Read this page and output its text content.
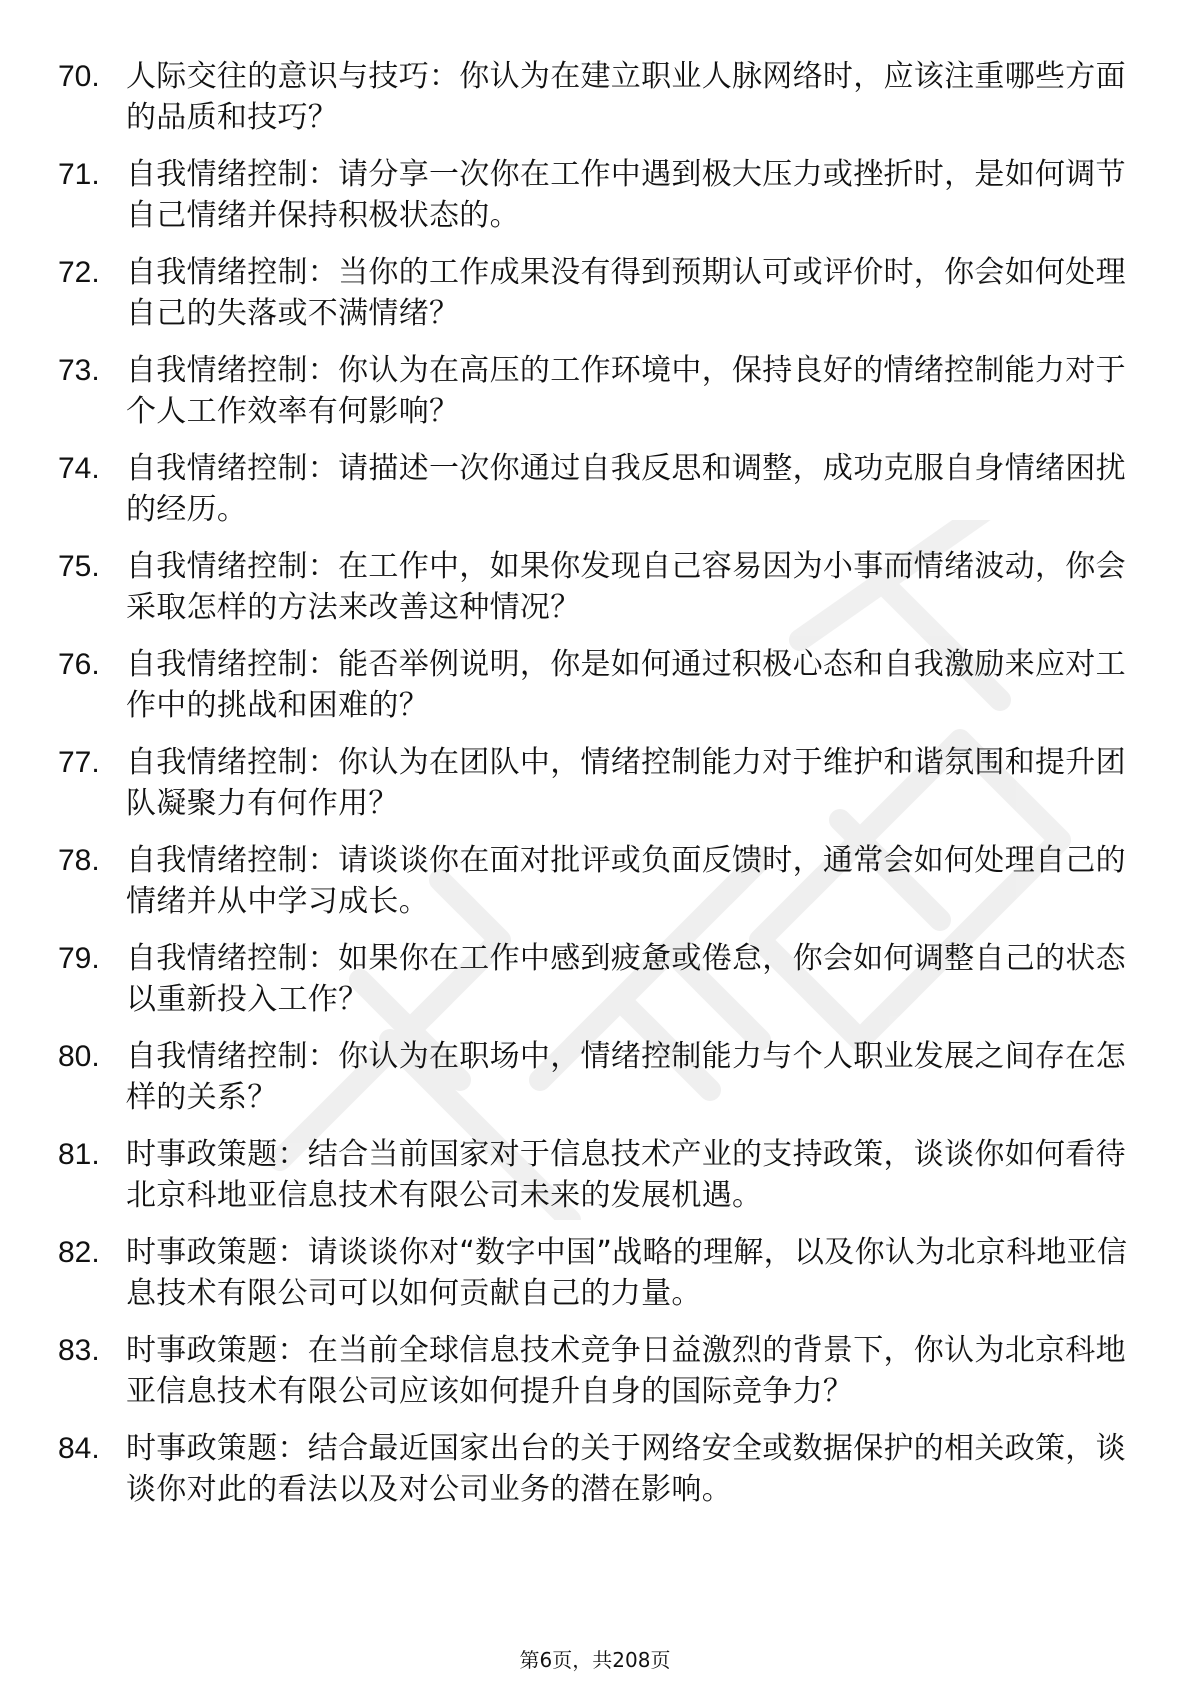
70. 人际交往的意识与技巧：你认为在建立职业人脉网络时，应该注重哪些方面的品质和技巧？
71. 自我情绪控制：请分享一次你在工作中遇到极大压力或挫折时，是如何调节自己情绪并保持积极状态的。
72. 自我情绪控制：当你的工作成果没有得到预期认可或评价时，你会如何处理自己的失落或不满情绪？
73. 自我情绪控制：你认为在高压的工作环境中，保持良好的情绪控制能力对于个人工作效率有何影响？
74. 自我情绪控制：请描述一次你通过自我反思和调整，成功克服自身情绪困扰的经历。
75. 自我情绪控制：在工作中，如果你发现自己容易因为小事而情绪波动，你会采取怎样的方法来改善这种情况？
76. 自我情绪控制：能否举例说明，你是如何通过积极心态和自我激励来应对工作中的挑战和困难的？
77. 自我情绪控制：你认为在团队中，情绪控制能力对于维护和谐氛围和提升团队凝聚力有何作用？
78. 自我情绪控制：请谈谈你在面对批评或负面反馈时，通常会如何处理自己的情绪并从中学习成长。
79. 自我情绪控制：如果你在工作中感到疲惫或倦怠，你会如何调整自己的状态以重新投入工作？
80. 自我情绪控制：你认为在职场中，情绪控制能力与个人职业发展之间存在怎样的关系？
81. 时事政策题：结合当前国家对于信息技术产业的支持政策，谈谈你如何看待北京科地亚信息技术有限公司未来的发展机遇。
82. 时事政策题：请谈谈你对“数字中国”战略的理解，以及你认为北京科地亚信息技术有限公司可以如何贡献自己的力量。
83. 时事政策题：在当前全球信息技术竞争日益激烈的背景下，你认为北京科地亚信息技术有限公司应该如何提升自身的国际竞争力？
84. 时事政策题：结合最近国家出台的关于网络安全或数据保护的相关政策，谈谈你对此的看法以及对公司业务的潜在影响。
第6页，共208页
